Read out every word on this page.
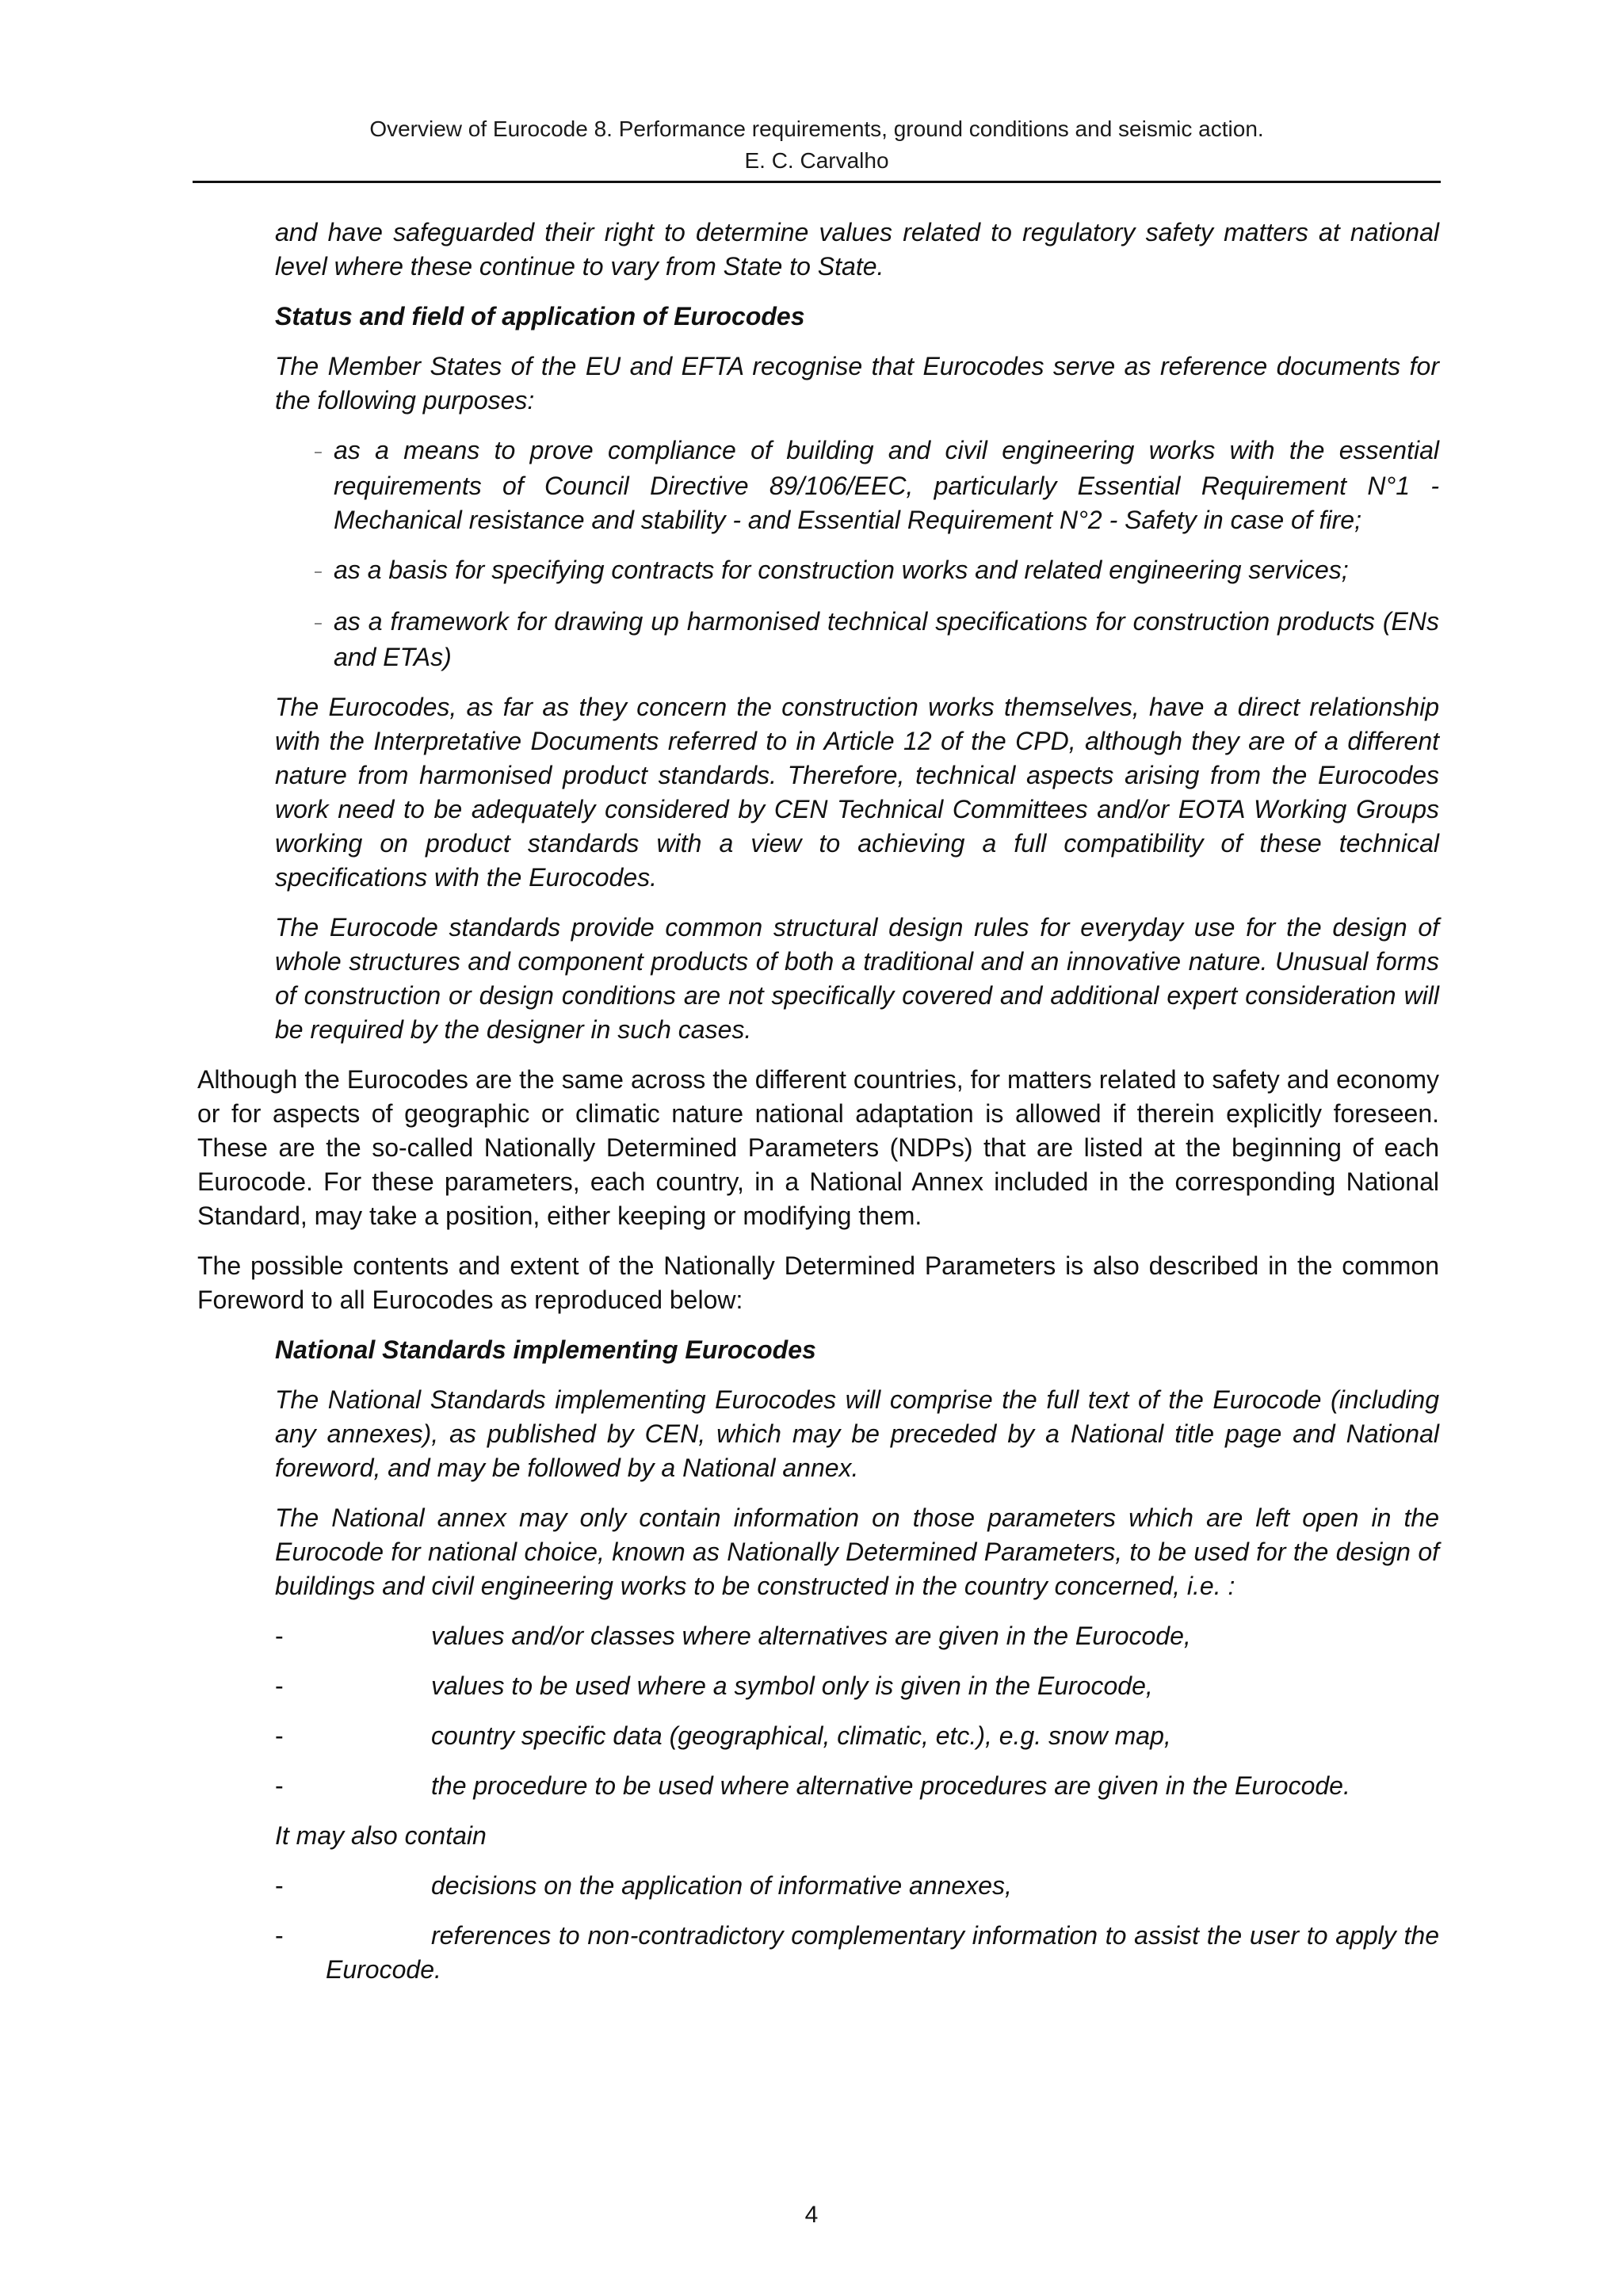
Overview of Eurocode 8. Performance requirements, ground conditions and seismic action.
E. C. Carvalho

and have safeguarded their right to determine values related to regulatory safety matters at national level where these continue to vary from State to State.

Status and field of application of Eurocodes

The Member States of the EU and EFTA recognise that Eurocodes serve as reference documents for the following purposes:

– as a means to prove compliance of building and civil engineering works with the essential requirements of Council Directive 89/106/EEC, particularly Essential Requirement N°1 - Mechanical resistance and stability - and Essential Requirement N°2 - Safety in case of fire;

– as a basis for specifying contracts for construction works and related engineering services;

– as a framework for drawing up harmonised technical specifications for construction products (ENs and ETAs)

The Eurocodes, as far as they concern the construction works themselves, have a direct relationship with the Interpretative Documents referred to in Article 12 of the CPD, although they are of a different nature from harmonised product standards. Therefore, technical aspects arising from the Eurocodes work need to be adequately considered by CEN Technical Committees and/or EOTA Working Groups working on product standards with a view to achieving a full compatibility of these technical specifications with the Eurocodes.

The Eurocode standards provide common structural design rules for everyday use for the design of whole structures and component products of both a traditional and an innovative nature. Unusual forms of construction or design conditions are not specifically covered and additional expert consideration will be required by the designer in such cases.

Although the Eurocodes are the same across the different countries, for matters related to safety and economy or for aspects of geographic or climatic nature national adaptation is allowed if therein explicitly foreseen. These are the so-called Nationally Determined Parameters (NDPs) that are listed at the beginning of each Eurocode. For these parameters, each country, in a National Annex included in the corresponding National Standard, may take a position, either keeping or modifying them.

The possible contents and extent of the Nationally Determined Parameters is also described in the common Foreword to all Eurocodes as reproduced below:

National Standards implementing Eurocodes

The National Standards implementing Eurocodes will comprise the full text of the Eurocode (including any annexes), as published by CEN, which may be preceded by a National title page and National foreword, and may be followed by a National annex.

The National annex may only contain information on those parameters which are left open in the Eurocode for national choice, known as Nationally Determined Parameters, to be used for the design of buildings and civil engineering works to be constructed in the country concerned, i.e. :

-	values and/or classes where alternatives are given in the Eurocode,

-	values to be used where a symbol only is given in the Eurocode,

-	country specific data (geographical, climatic, etc.), e.g. snow map,

-	the procedure to be used where alternative procedures are given in the Eurocode.

It may also contain

-	decisions on the application of informative annexes,

-	references to non-contradictory complementary information to assist the user to apply the Eurocode.

4
